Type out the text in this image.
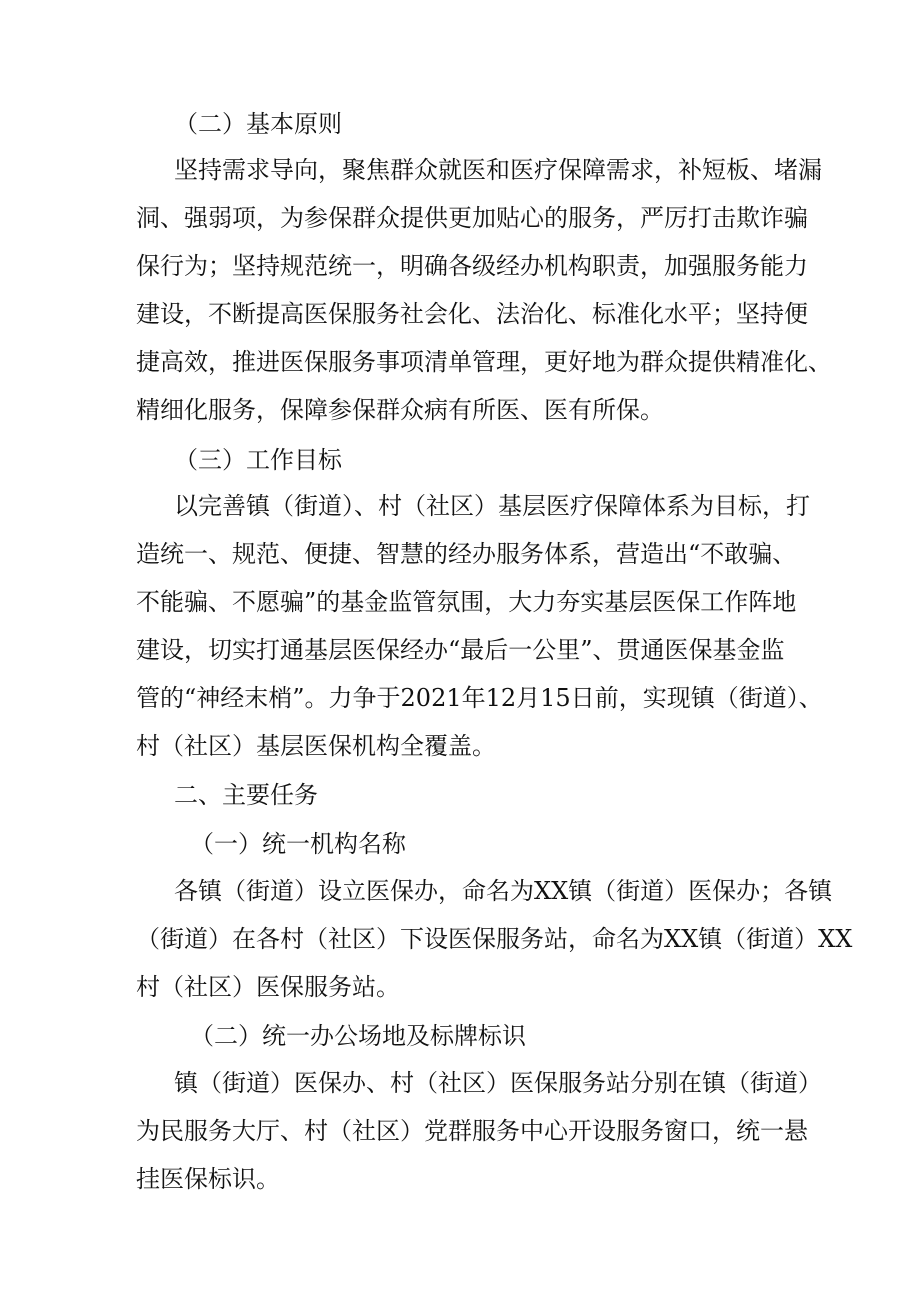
（二）基本原则
坚持需求导向，聚焦群众就医和医疗保障需求，补短板、堵漏
洞、强弱项，为参保群众提供更加贴心的服务，严厉打击欺诈骗
保行为；坚持规范统一，明确各级经办机构职责，加强服务能力
建设，不断提高医保服务社会化、法治化、标准化水平；坚持便
捷高效，推进医保服务事项清单管理，更好地为群众提供精准化、
精细化服务，保障参保群众病有所医、医有所保。
（三）工作目标
以完善镇（街道）、村（社区）基层医疗保障体系为目标，打
造统一、规范、便捷、智慧的经办服务体系，营造出“不敢骗、
不能骗、不愿骗”的基金监管氛围，大力夯实基层医保工作阵地
建设，切实打通基层医保经办“最后一公里”、贯通医保基金监
管的“神经末梢”。力争于2021年12月15日前，实现镇（街道）、
村（社区）基层医保机构全覆盖。
二、主要任务
（一）统一机构名称
各镇（街道）设立医保办，命名为XX镇（街道）医保办；各镇
（街道）在各村（社区）下设医保服务站，命名为XX镇（街道）XX
村（社区）医保服务站。
（二）统一办公场地及标牌标识
镇（街道）医保办、村（社区）医保服务站分别在镇（街道）
为民服务大厅、村（社区）党群服务中心开设服务窗口，统一悬
挂医保标识。
